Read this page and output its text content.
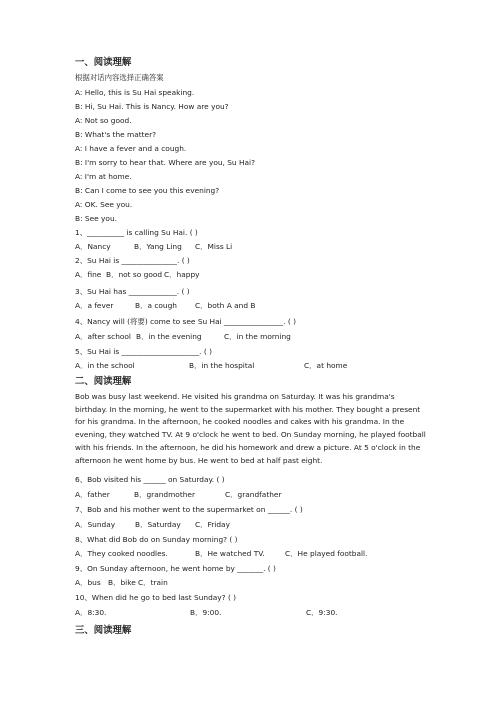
一、阅读理解
根据对话内容选择正确答案
A: Hello, this is Su Hai speaking.
B: Hi, Su Hai. This is Nancy. How are you?
A: Not so good.
B: What's the matter?
A: I have a fever and a cough.
B: I'm sorry to hear that. Where are you, Su Hai?
A: I'm at home.
B: Can I come to see you this evening?
A: OK. See you.
B: See you.
1、__________ is calling Su Hai. ( )
A．Nancy	B．Yang Ling C．Miss Li
2、Su Hai is _______________. ( )
A．fine B．not so good C．happy
3、Su Hai has _____________. ( )
A．a fever	B．a cough C．both A and B
4、Nancy will (将要) come to see Su Hai ________________. ( )
A．after school B．in the evening	C．in the morning
5、Su Hai is _____________________. ( )
A．in the school	B．in the hospital	C．at home
二、阅读理解
Bob was busy last weekend. He visited his grandma on Saturday. It was his grandma's birthday. In the morning, he went to the supermarket with his mother. They bought a present for his grandma. In the afternoon, he cooked noodles and cakes with his grandma. In the evening, they watched TV. At 9 o'clock he went to bed. On Sunday morning, he played football with his friends. In the afternoon, he did his homework and drew a picture. At 5 o'clock in the afternoon he went home by bus. He went to bed at half past eight.
6、Bob visited his ______ on Saturday. ( )
A．father	B．grandmother	C．grandfather
7、Bob and his mother went to the supermarket on ______. ( )
A．Sunday	B．Saturday C．Friday
8、What did Bob do on Sunday morning? ( )
A．They cooked noodles.	B．He watched TV.	C．He played football.
9、On Sunday afternoon, he went home by _______. ( )
A．bus B．bike C．train
10、When did he go to bed last Sunday? ( )
A．8:30.	B．9:00.	C．9:30.
三、阅读理解
